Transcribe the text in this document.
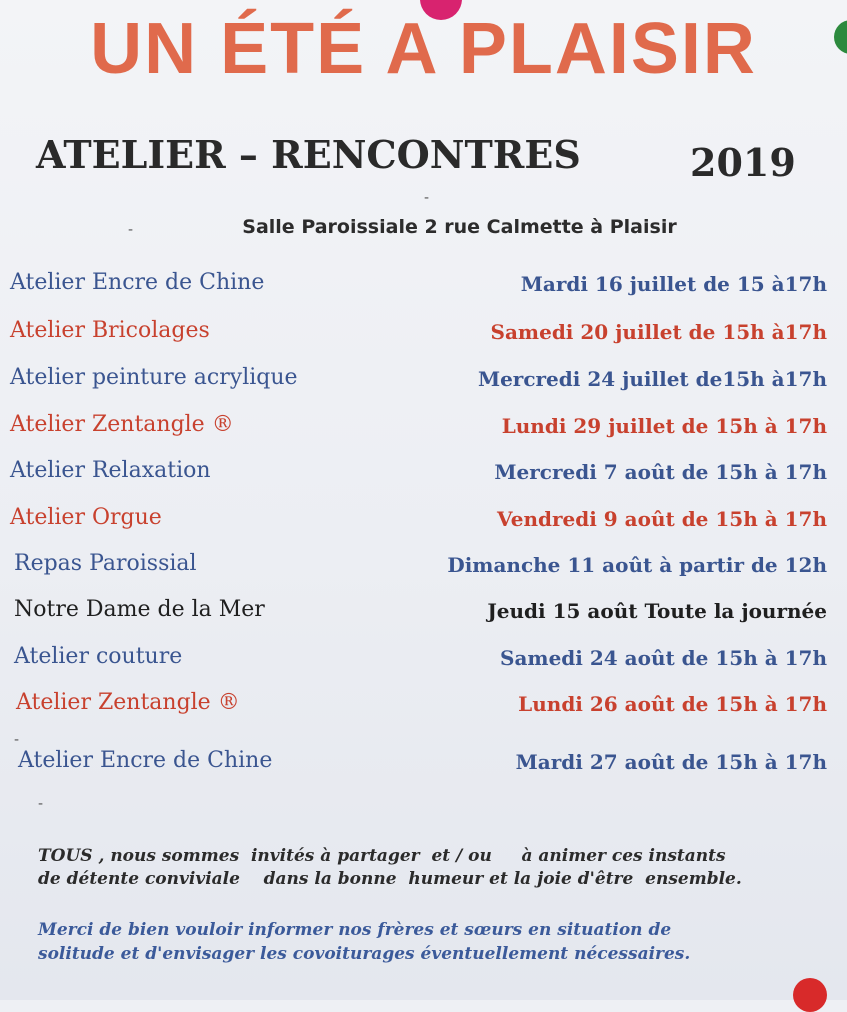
UN ÉTÉ A PLAISIR
ATELIER – RENCONTRES	2019
-
-	Salle Paroissiale 2 rue Calmette à Plaisir
Atelier Encre de Chine	Mardi 16 juillet de 15 à17h
Atelier Bricolages	Samedi 20 juillet de 15h à17h
Atelier peinture acrylique	Mercredi 24 juillet de15h à17h
Atelier Zentangle ®	Lundi 29 juillet de 15h à 17h
Atelier Relaxation	Mercredi 7 août de 15h à 17h
Atelier Orgue	Vendredi 9 août de 15h à 17h
Repas Paroissial	Dimanche 11 août à partir de 12h
Notre Dame de la Mer	Jeudi 15 août Toute la journée
Atelier couture	Samedi 24 août de 15h à 17h
Atelier Zentangle ®	Lundi 26 août de 15h à 17h
Atelier Encre de Chine	Mardi 27 août de 15h à 17h
-
-
TOUS , nous sommes  invités à partager  et / ou     à animer ces instants
de détente conviviale    dans la bonne  humeur et la joie d'être  ensemble.
Merci de bien vouloir informer nos frères et sœurs en situation de
solitude et d'envisager les covoiturages éventuellement nécessaires.
